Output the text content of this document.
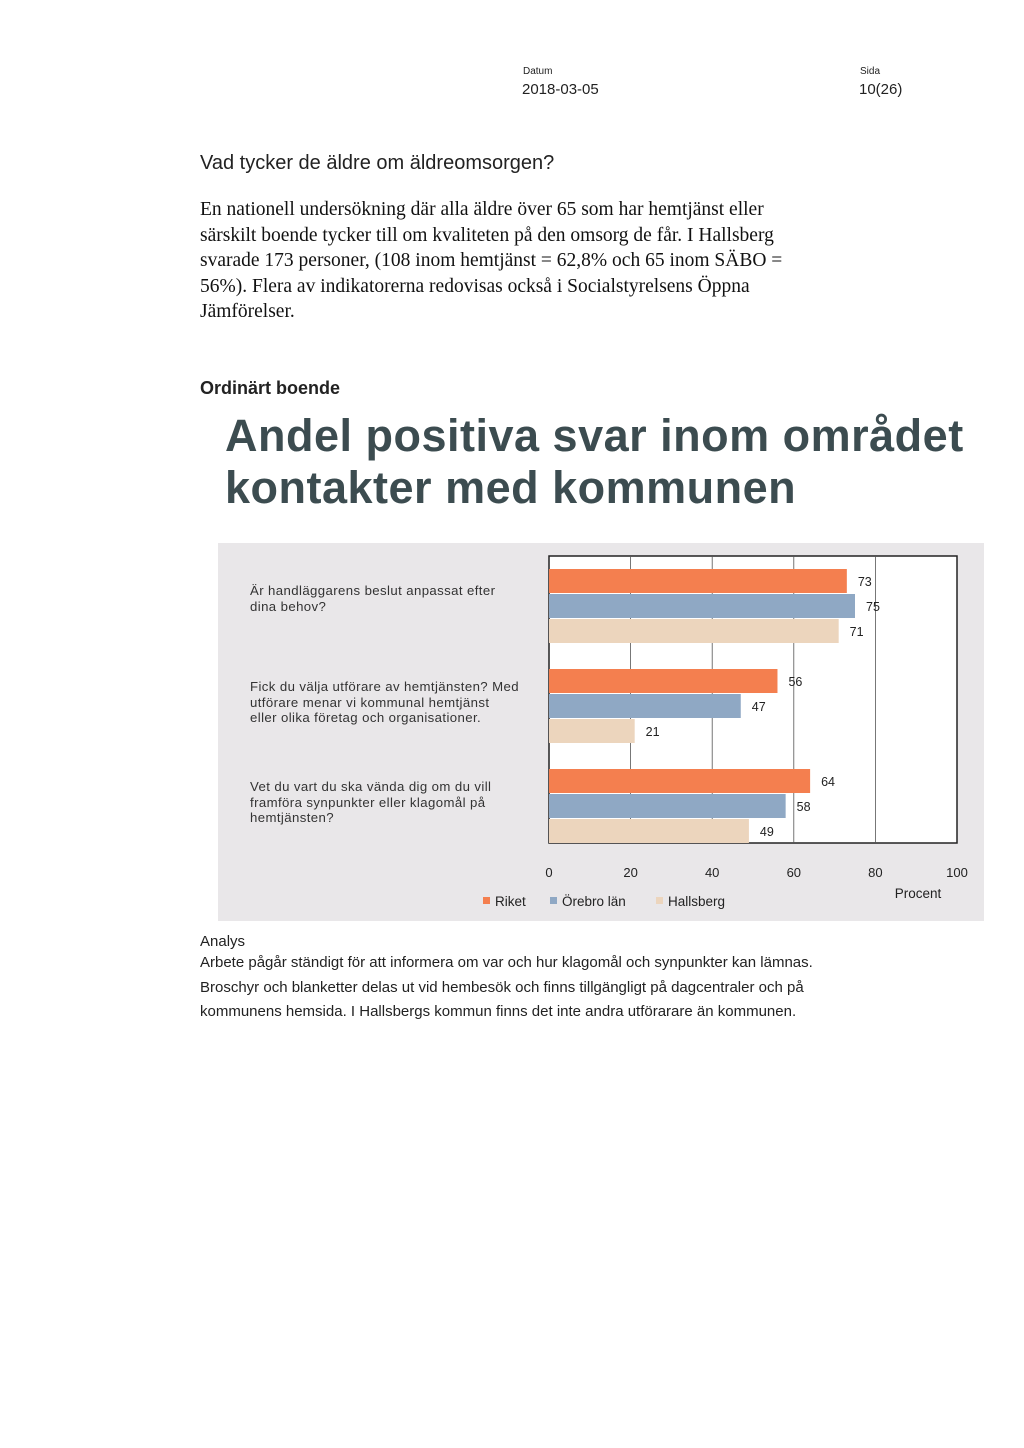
Datum
2018-03-05
Sida
10(26)
Vad tycker de äldre om äldreomsorgen?
En nationell undersökning där alla äldre över 65 som har hemtjänst eller särskilt boende tycker till om kvaliteten på den omsorg de får. I Hallsberg svarade 173 personer, (108 inom hemtjänst = 62,8% och 65 inom SÄBO = 56%). Flera av indikatorerna redovisas också i Socialstyrelsens Öppna Jämförelser.
Ordinärt boende
Andel positiva svar inom området
kontakter med kommunen
Är handläggarens beslut anpassat efter dina behov?
Fick du välja utförare av hemtjänsten? Med utförare menar vi kommunal hemtjänst eller olika företag och organisationer.
Vet du vart du ska vända dig om du vill framföra synpunkter eller klagomål på hemtjänsten?
73
75
71
56
47
21
64
58
49
0	20	40	60	80	100
Procent
Riket	Örebro län	Hallsberg
Analys
Arbete pågår ständigt för att informera om var och hur klagomål och synpunkter kan lämnas. Broschyr och blanketter delas ut vid hembesök och finns tillgängligt på dagcentraler och på kommunens hemsida. I Hallsbergs kommun finns det inte andra utförarare än kommunen.
